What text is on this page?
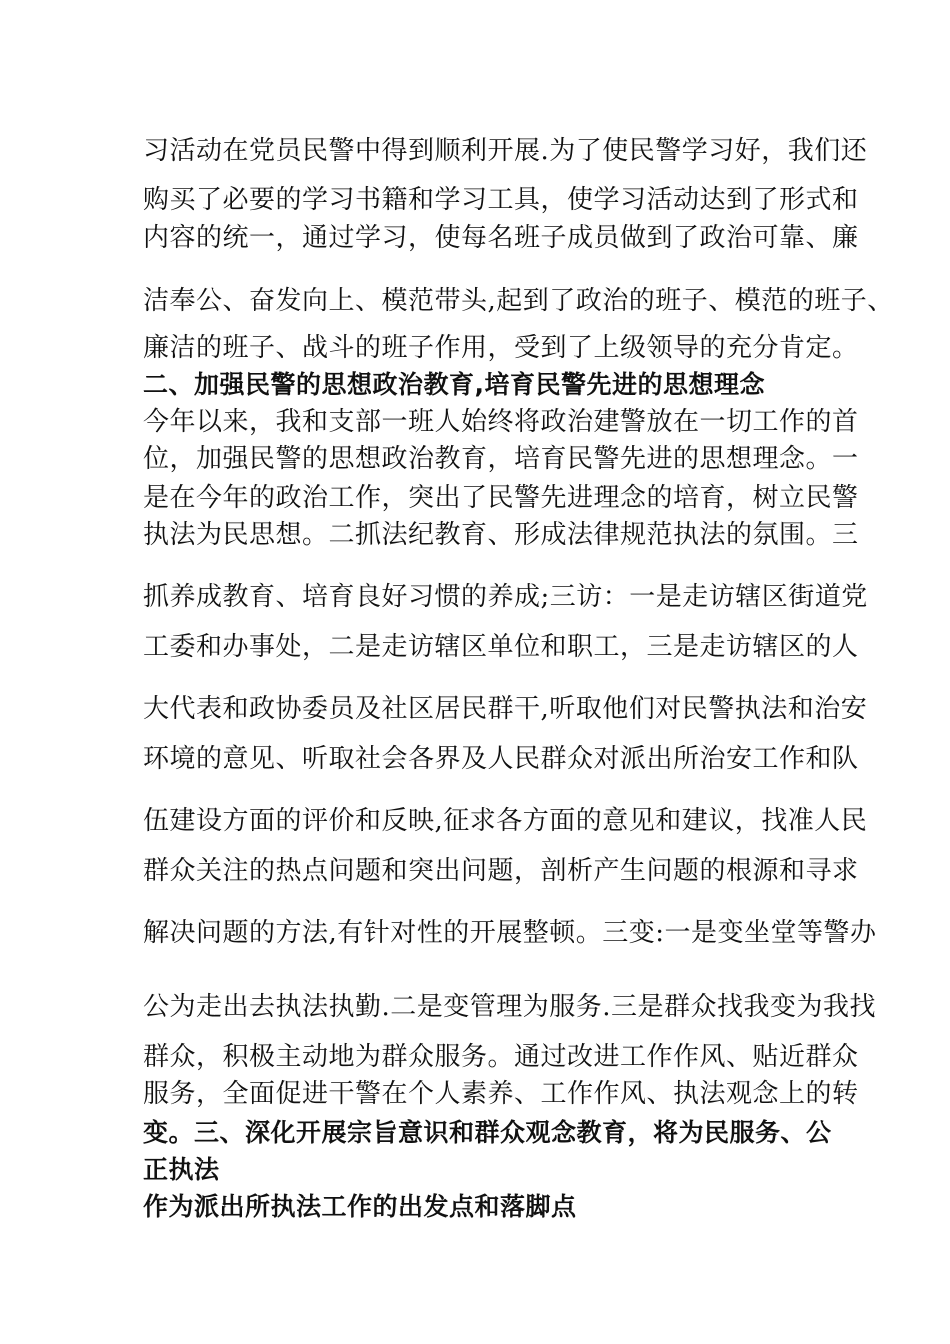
习活动在党员民警中得到顺利开展.为了使民警学习好，我们还
购买了必要的学习书籍和学习工具，使学习活动达到了形式和
内容的统一，通过学习，使每名班子成员做到了政治可靠、廉
洁奉公、奋发向上、模范带头,起到了政治的班子、模范的班子、
廉洁的班子、战斗的班子作用，受到了上级领导的充分肯定。
二、加强民警的思想政治教育,培育民警先进的思想理念
今年以来，我和支部一班人始终将政治建警放在一切工作的首
位，加强民警的思想政治教育，培育民警先进的思想理念。一
是在今年的政治工作，突出了民警先进理念的培育，树立民警
执法为民思想。二抓法纪教育、形成法律规范执法的氛围。三
抓养成教育、培育良好习惯的养成;三访：一是走访辖区街道党
工委和办事处，二是走访辖区单位和职工，三是走访辖区的人
大代表和政协委员及社区居民群干,听取他们对民警执法和治安
环境的意见、听取社会各界及人民群众对派出所治安工作和队
伍建设方面的评价和反映,征求各方面的意见和建议，找准人民
群众关注的热点问题和突出问题，剖析产生问题的根源和寻求
解决问题的方法,有针对性的开展整顿。三变:一是变坐堂等警办
公为走出去执法执勤.二是变管理为服务.三是群众找我变为我找
群众，积极主动地为群众服务。通过改进工作作风、贴近群众
服务，全面促进干警在个人素养、工作作风、执法观念上的转
变。三、深化开展宗旨意识和群众观念教育，将为民服务、公
正执法
作为派出所执法工作的出发点和落脚点
